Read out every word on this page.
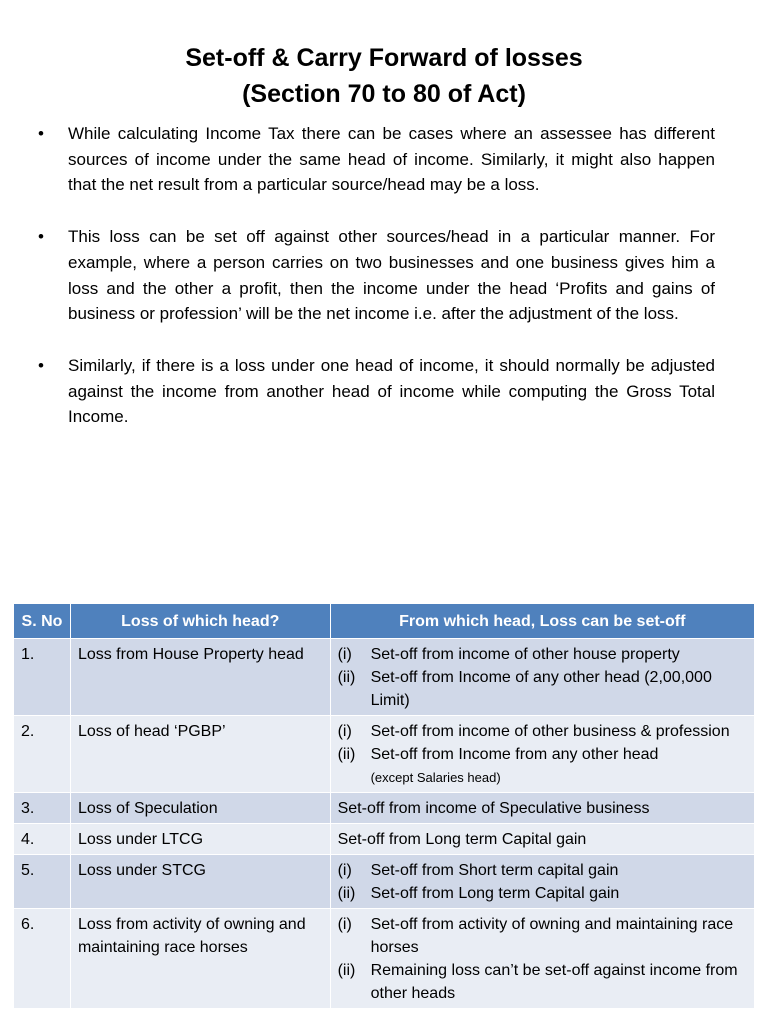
Set-off & Carry Forward of losses
(Section 70 to 80 of Act)
• While calculating Income Tax there can be cases where an assessee has different sources of income under the same head of income. Similarly, it might also happen that the net result from a particular source/head may be a loss.
• This loss can be set off against other sources/head in a particular manner. For example, where a person carries on two businesses and one business gives him a loss and the other a profit, then the income under the head ‘Profits and gains of business or profession’ will be the net income i.e. after the adjustment of the loss.
• Similarly, if there is a loss under one head of income, it should normally be adjusted against the income from another head of income while computing the Gross Total Income.
S. No	Loss of which head?	From which head, Loss can be set-off
1.	Loss from House Property head	(i) Set-off from income of other house property
(ii) Set-off from Income of any other head (2,00,000 Limit)

2.	Loss of head ‘PGBP’	(i) Set-off from income of other business & profession
(ii) Set-off from Income from any other head
(except Salaries head)

3.	Loss of Speculation	Set-off from income of Speculative business
4.	Loss under LTCG	Set-off from Long term Capital gain
5.	Loss under STCG	(i) Set-off from Short term capital gain
(ii) Set-off from Long term Capital gain

6.	Loss from activity of owning and maintaining race horses	(i) Set-off from activity of owning and maintaining race horses
(ii) Remaining loss can’t be set-off against income from other heads
